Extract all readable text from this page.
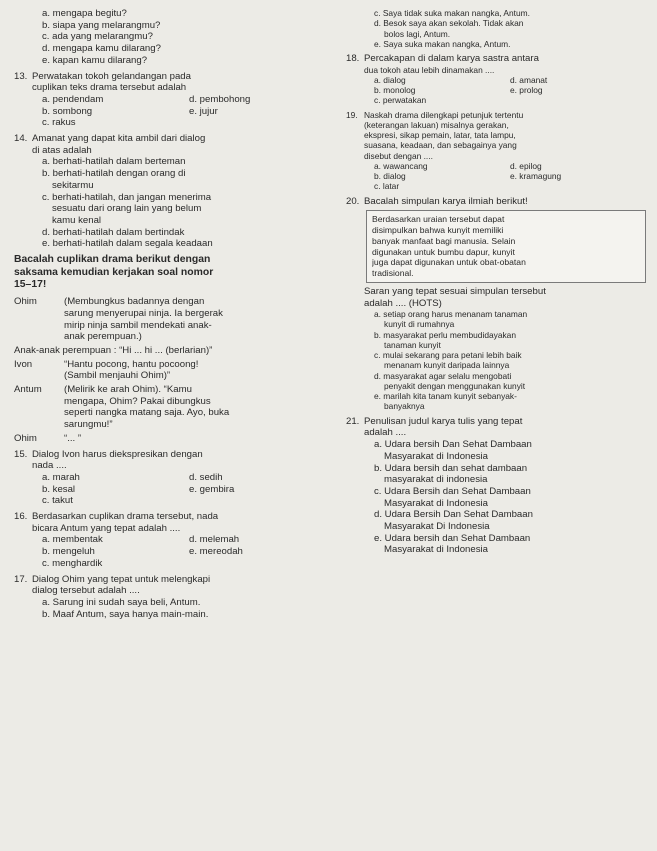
a. mengapa begitu?

b. siapa yang melarangmu?

c. ada yang melarangmu?

d. mengapa kamu dilarang?

e. kapan kamu dilarang?

13. Perwatakan tokoh gelandangan pada

cuplikan teks drama tersebut adalah

a. pendendam	d. pembohong

b. sombong	e. jujur

c. rakus

14. Amanat yang dapat kita ambil dari dialog

di atas adalah

a. berhati-hatilah dalam berteman

b. berhati-hatilah dengan orang di

sekitarmu

c. berhati-hatilah, dan jangan menerima

sesuatu dari orang lain yang belum

kamu kenal

d. berhati-hatilah dalam bertindak

e. berhati-hatilah dalam segala keadaan

Bacalah cuplikan drama berikut dengan

saksama kemudian kerjakan soal nomor

15–17!

Ohim	(Membungkus badannya dengan

sarung menyerupai ninja. Ia bergerak

mirip ninja sambil mendekati anak-

anak perempuan.)

Anak-anak perempuan : “Hi ... hi ... (berlarian)”

Ivon	“Hantu pocong, hantu pocoong!

(Sambil menjauhi Ohim)”

Antum	(Melirik ke arah Ohim). “Kamu

mengapa, Ohim? Pakai dibungkus

seperti nangka matang saja. Ayo, buka

sarungmu!”

Ohim	“... ”

15. Dialog Ivon harus diekspresikan dengan

nada ....

a. marah	d. sedih

b. kesal	e. gembira

c. takut

16. Berdasarkan cuplikan drama tersebut, nada

bicara Antum yang tepat adalah ....

a. membentak	d. melemah

b. mengeluh	e. mereodah

c. menghardik

17. Dialog Ohim yang tepat untuk melengkapi

dialog tersebut adalah ....

a. Sarung ini sudah saya beli, Antum.

b. Maaf Antum, saya hanya main-main.

c. Saya tidak suka makan nangka, Antum.

d. Besok saya akan sekolah. Tidak akan

bolos lagi, Antum.

e. Saya suka makan nangka, Antum.

18. Percakapan di dalam karya sastra antara

dua tokoh atau lebih dinamakan ....

a. dialog	d. amanat

b. monolog	e. prolog

c. perwatakan

19. Naskah drama dilengkapi petunjuk tertentu

(keterangan lakuan) misalnya gerakan,

ekspresi, sikap pemain, latar, tata lampu,

suasana, keadaan, dan sebagainya yang

disebut dengan ....

a. wawancang	d. epilog

b. dialog	e. kramagung

c. latar

20. Bacalah simpulan karya ilmiah berikut!

Berdasarkan uraian tersebut dapat

disimpulkan bahwa kunyit memiliki

banyak manfaat bagi manusia. Selain

digunakan untuk bumbu dapur, kunyit

juga dapat digunakan untuk obat-obatan

tradisional.

Saran yang tepat sesuai simpulan tersebut

adalah .... (HOTS)

a. setiap orang harus menanam tanaman

kunyit di rumahnya

b. masyarakat perlu membudidayakan

tanaman kunyit

c. mulai sekarang para petani lebih baik

menanam kunyit daripada lainnya

d. masyarakat agar selalu mengobati

penyakit dengan menggunakan kunyit

e. marilah kita tanam kunyit sebanyak-

banyaknya

21. Penulisan judul karya tulis yang tepat

adalah ....

a. Udara bersih Dan Sehat Dambaan

Masyarakat di Indonesia

b. Udara bersih dan sehat dambaan

masyarakat di indonesia

c. Udara Bersih dan Sehat Dambaan

Masyarakat di Indonesia

d. Udara Bersih Dan Sehat Dambaan

Masyarakat Di Indonesia

e. Udara bersih dan Sehat Dambaan

Masyarakat di Indonesia
